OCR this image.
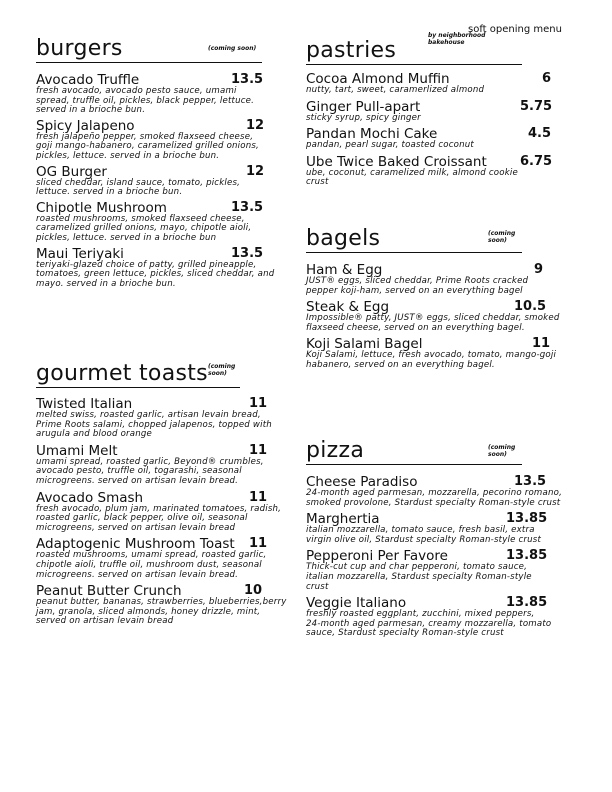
soft opening menu
burgers	(coming soon)
Avocado Truffle	13.5
fresh avocado, avocado pesto sauce, umami spread, truffle oil, pickles, black pepper, lettuce. served in a brioche bun.
Spicy Jalapeno	12
fresh jalapeño pepper, smoked flaxseed cheese, goji mango-habanero, caramelized grilled onions, pickles, lettuce. served in a brioche bun.
OG Burger	12
sliced cheddar, island sauce, tomato, pickles, lettuce. served in a brioche bun.
Chipotle Mushroom	13.5
roasted mushrooms, smoked flaxseed cheese, caramelized grilled onions, mayo, chipotle aioli, pickles, lettuce. served in a brioche bun
Maui Teriyaki	13.5
teriyaki-glazed choice of patty, grilled pineapple, tomatoes, green lettuce, pickles, sliced cheddar, and mayo. served in a brioche bun.
gourmet toasts (coming soon)
Twisted Italian	11
melted swiss, roasted garlic, artisan levain bread, Prime Roots salami, chopped jalapenos, topped with arugula and blood orange
Umami Melt	11
umami spread, roasted garlic, Beyond® crumbles, avocado pesto, truffle oil, togarashi, seasonal microgreens. served on artisan levain bread.
Avocado Smash	11
fresh avocado, plum jam, marinated tomatoes, radish, roasted garlic, black pepper, olive oil, seasonal microgreens, served on artisan levain bread
Adaptogenic Mushroom Toast	11
roasted mushrooms, umami spread, roasted garlic, chipotle aioli, truffle oil, mushroom dust, seasonal microgreens. served on artisan levain bread.
Peanut Butter Crunch	10
peanut butter, bananas, strawberries, blueberries,berry jam, granola, sliced almonds, honey drizzle, mint, served on artisan levain bread
pastries
by neighborhood bakehouse
Cocoa Almond Muffin	6
nutty, tart, sweet, caramerlized almond
Ginger Pull-apart	5.75
sticky syrup, spicy ginger
Pandan Mochi Cake	4.5
pandan, pearl sugar, toasted coconut
Ube Twice Baked Croissant	6.75
ube, coconut, caramelized milk, almond cookie crust
bagels	(coming soon)
Ham & Egg	9
JUST® eggs, sliced cheddar, Prime Roots cracked pepper koji-ham, served on an everything bagel
Steak & Egg	10.5
Impossible® patty, JUST® eggs, sliced cheddar, smoked flaxseed cheese, served on an everything bagel.
Koji Salami Bagel	11
Koji Salami, lettuce, fresh avocado, tomato, mango-goji habanero, served on an everything bagel.
pizza	(coming soon)
Cheese Paradiso	13.5
24-month aged parmesan, mozzarella, pecorino romano, smoked provolone, Stardust specialty Roman-style crust
Marghertia	13.85
italian mozzarella, tomato sauce, fresh basil, extra virgin olive oil, Stardust specialty Roman-style crust
Pepperoni Per Favore	13.85
Thick-cut cup and char pepperoni, tomato sauce, italian mozzarella, Stardust specialty Roman-style crust
Veggie Italiano	13.85
freshly roasted eggplant, zucchini, mixed peppers, 24-month aged parmesan, creamy mozzarella, tomato sauce, Stardust specialty Roman-style crust
